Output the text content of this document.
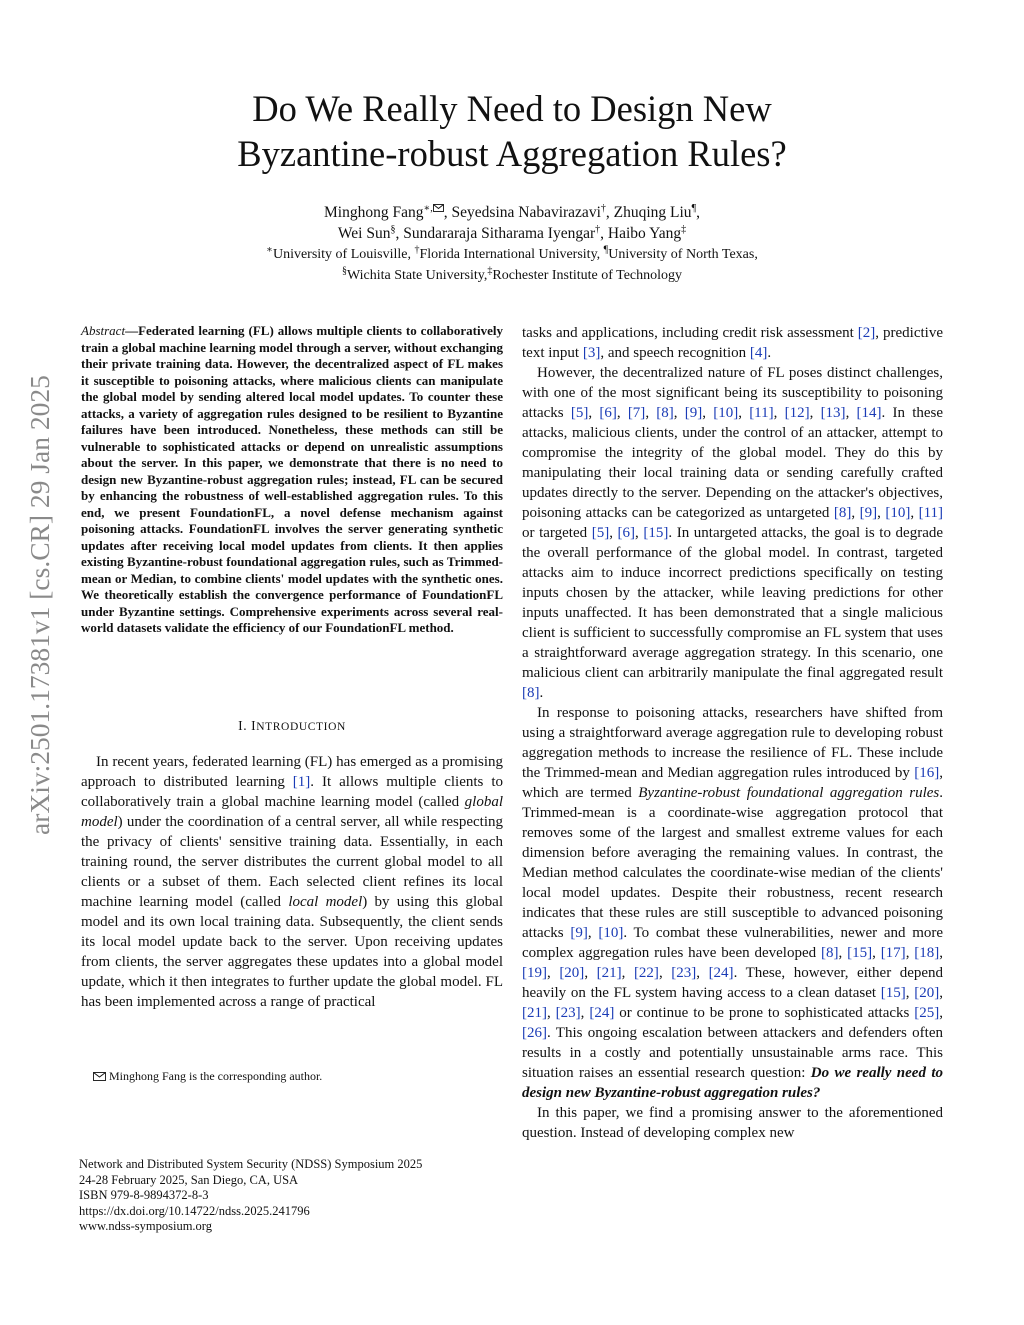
arXiv:2501.17381v1 [cs.CR] 29 Jan 2025
Do We Really Need to Design New
Byzantine-robust Aggregation Rules?
Minghong Fang∗, , Seyedsina Nabavirazavi†, Zhuqing Liu¶,
Wei Sun§, Sundararaja Sitharama Iyengar†, Haibo Yang‡
∗University of Louisville, †Florida International University, ¶University of North Texas,
§Wichita State University,‡Rochester Institute of Technology

Abstract—Federated learning (FL) allows multiple clients to collaboratively train a global machine learning model through a server, without exchanging their private training data. However, the decentralized aspect of FL makes it susceptible to poisoning attacks, where malicious clients can manipulate the global model by sending altered local model updates. To counter these attacks, a variety of aggregation rules designed to be resilient to Byzantine failures have been introduced. Nonetheless, these methods can still be vulnerable to sophisticated attacks or depend on unrealistic assumptions about the server. In this paper, we demonstrate that there is no need to design new Byzantine-robust aggregation rules; instead, FL can be secured by enhancing the robustness of well-established aggregation rules. To this end, we present FoundationFL, a novel defense mechanism against poisoning attacks. FoundationFL involves the server generating synthetic updates after receiving local model updates from clients. It then applies existing Byzantine-robust foundational aggregation rules, such as Trimmed-mean or Median, to combine clients' model updates with the synthetic ones. We theoretically establish the convergence performance of FoundationFL under Byzantine settings. Comprehensive experiments across several real-world datasets validate the efficiency of our FoundationFL method.

I. INTRODUCTION

In recent years, federated learning (FL) has emerged as a promising approach to distributed learning [1]. It allows multiple clients to collaboratively train a global machine learning model (called global model) under the coordination of a central server, all while respecting the privacy of clients' sensitive training data. Essentially, in each training round, the server distributes the current global model to all clients or a subset of them. Each selected client refines its local machine learning model (called local model) by using this global model and its own local training data. Subsequently, the client sends its local model update back to the server. Upon receiving updates from clients, the server aggregates these updates into a global model update, which it then integrates to further update the global model. FL has been implemented across a range of practical

Minghong Fang is the corresponding author.

Network and Distributed System Security (NDSS) Symposium 2025
24-28 February 2025, San Diego, CA, USA
ISBN 979-8-9894372-8-3
https://dx.doi.org/10.14722/ndss.2025.241796
www.ndss-symposium.org

tasks and applications, including credit risk assessment [2], predictive text input [3], and speech recognition [4].

However, the decentralized nature of FL poses distinct challenges, with one of the most significant being its susceptibility to poisoning attacks [5], [6], [7], [8], [9], [10], [11], [12], [13], [14]. In these attacks, malicious clients, under the control of an attacker, attempt to compromise the integrity of the global model. They do this by manipulating their local training data or sending carefully crafted updates directly to the server. Depending on the attacker's objectives, poisoning attacks can be categorized as untargeted [8], [9], [10], [11] or targeted [5], [6], [15]. In untargeted attacks, the goal is to degrade the overall performance of the global model. In contrast, targeted attacks aim to induce incorrect predictions specifically on testing inputs chosen by the attacker, while leaving predictions for other inputs unaffected. It has been demonstrated that a single malicious client is sufficient to successfully compromise an FL system that uses a straightforward average aggregation strategy. In this scenario, one malicious client can arbitrarily manipulate the final aggregated result [8].

In response to poisoning attacks, researchers have shifted from using a straightforward average aggregation rule to developing robust aggregation methods to increase the resilience of FL. These include the Trimmed-mean and Median aggregation rules introduced by [16], which are termed Byzantine-robust foundational aggregation rules. Trimmed-mean is a coordinate-wise aggregation protocol that removes some of the largest and smallest extreme values for each dimension before averaging the remaining values. In contrast, the Median method calculates the coordinate-wise median of the clients' local model updates. Despite their robustness, recent research indicates that these rules are still susceptible to advanced poisoning attacks [9], [10]. To combat these vulnerabilities, newer and more complex aggregation rules have been developed [8], [15], [17], [18], [19], [20], [21], [22], [23], [24]. These, however, either depend heavily on the FL system having access to a clean dataset [15], [20], [21], [23], [24] or continue to be prone to sophisticated attacks [25], [26]. This ongoing escalation between attackers and defenders often results in a costly and potentially unsustainable arms race. This situation raises an essential research question: Do we really need to design new Byzantine-robust aggregation rules?

In this paper, we find a promising answer to the aforementioned question. Instead of developing complex new
